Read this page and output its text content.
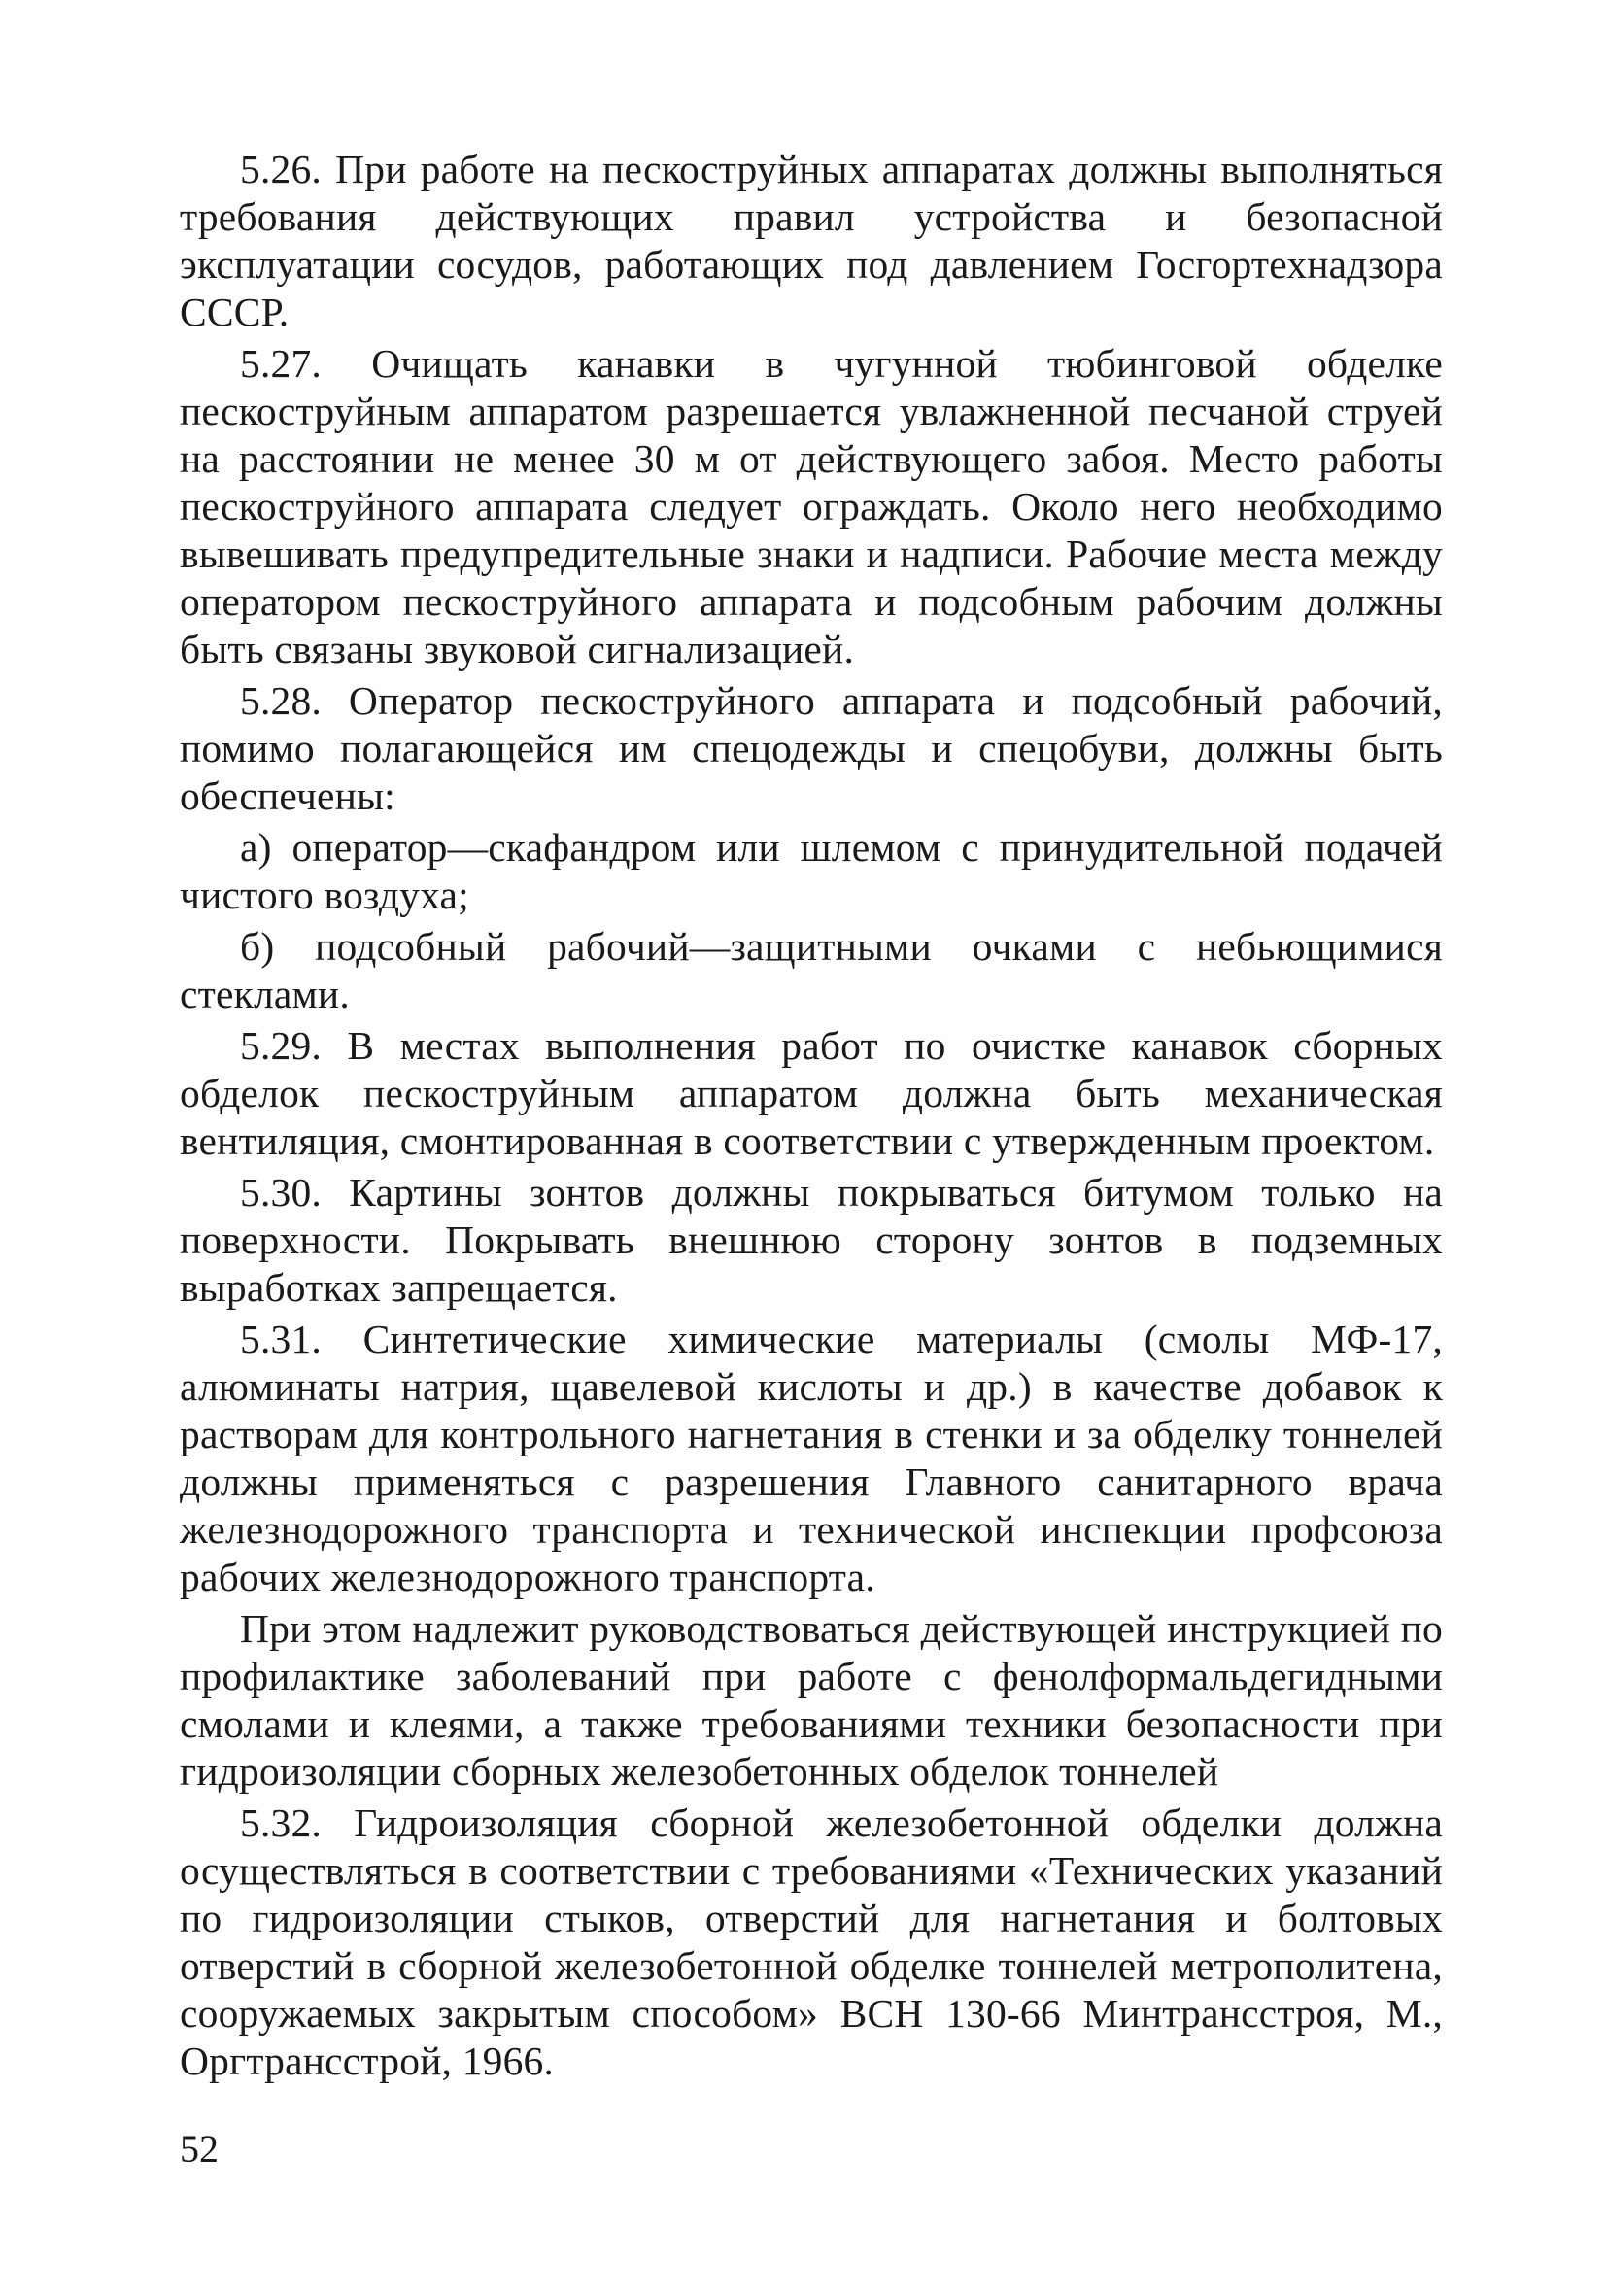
5.26. При работе на пескоструйных аппаратах должны выполняться требования действующих правил устройства и безопасной эксплуатации сосудов, работающих под давлением Госгортехнадзора СССР.

5.27. Очищать канавки в чугунной тюбинговой обделке пескоструйным аппаратом разрешается увлажненной песчаной струей на расстоянии не менее 30 м от действующего забоя. Место работы пескоструйного аппарата следует ограждать. Около него необходимо вывешивать предупредительные знаки и надписи. Рабочие места между оператором пескоструйного аппарата и подсобным рабочим должны быть связаны звуковой сигнализацией.

5.28. Оператор пескоструйного аппарата и подсобный рабочий, помимо полагающейся им спецодежды и спецобуви, должны быть обеспечены:

а) оператор—скафандром или шлемом с принудительной подачей чистого воздуха;

б) подсобный рабочий—защитными очками с небьющимися стеклами.

5.29. В местах выполнения работ по очистке канавок сборных обделок пескоструйным аппаратом должна быть механическая вентиляция, смонтированная в соответствии с утвержденным проектом.

5.30. Картины зонтов должны покрываться битумом только на поверхности. Покрывать внешнюю сторону зонтов в подземных выработках запрещается.

5.31. Синтетические химические материалы (смолы МФ-17, алюминаты натрия, щавелевой кислоты и др.) в качестве добавок к растворам для контрольного нагнетания в стенки и за обделку тоннелей должны применяться с разрешения Главного санитарного врача железнодорожного транспорта и технической инспекции профсоюза рабочих железнодорожного транспорта.

При этом надлежит руководствоваться действующей инструкцией по профилактике заболеваний при работе с фенолформальдегидными смолами и клеями, а также требованиями техники безопасности при гидроизоляции сборных железобетонных обделок тоннелей

5.32. Гидроизоляция сборной железобетонной обделки должна осуществляться в соответствии с требованиями «Технических указаний по гидроизоляции стыков, отверстий для нагнетания и болтовых отверстий в сборной железобетонной обделке тоннелей метрополитена, сооружаемых закрытым способом» ВСН 130-66 Минтрансстроя, М., Оргтрансстрой, 1966.

52
